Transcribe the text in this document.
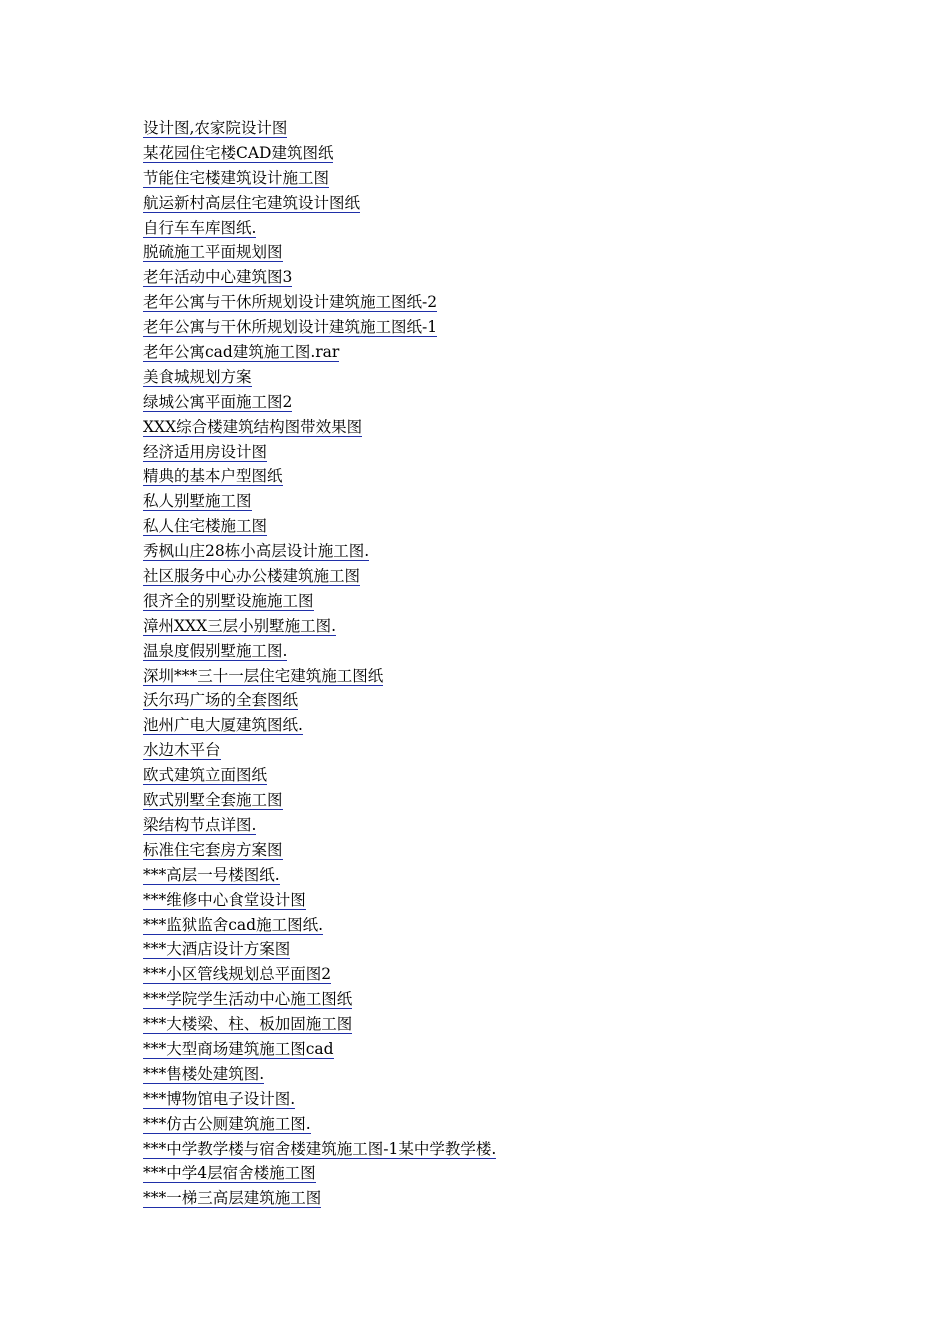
设计图,农家院设计图
某花园住宅楼CAD建筑图纸
节能住宅楼建筑设计施工图
航运新村高层住宅建筑设计图纸
自行车车库图纸.
脱硫施工平面规划图
老年活动中心建筑图3
老年公寓与干休所规划设计建筑施工图纸-2
老年公寓与干休所规划设计建筑施工图纸-1
老年公寓cad建筑施工图.rar
美食城规划方案
绿城公寓平面施工图2
XXX综合楼建筑结构图带效果图
经济适用房设计图
精典的基本户型图纸
私人别墅施工图
私人住宅楼施工图
秀枫山庄28栋小高层设计施工图.
社区服务中心办公楼建筑施工图
很齐全的别墅设施施工图
漳州XXX三层小别墅施工图.
温泉度假别墅施工图.
深圳***三十一层住宅建筑施工图纸
沃尔玛广场的全套图纸
池州广电大厦建筑图纸.
水边木平台
欧式建筑立面图纸
欧式别墅全套施工图
梁结构节点详图.
标准住宅套房方案图
***高层一号楼图纸.
***维修中心食堂设计图
***监狱监舍cad施工图纸.
***大酒店设计方案图
***小区管线规划总平面图2
***学院学生活动中心施工图纸
***大楼梁、柱、板加固施工图
***大型商场建筑施工图cad
***售楼处建筑图.
***博物馆电子设计图.
***仿古公厕建筑施工图.
***中学教学楼与宿舍楼建筑施工图-1某中学教学楼.
***中学4层宿舍楼施工图
***一梯三高层建筑施工图
